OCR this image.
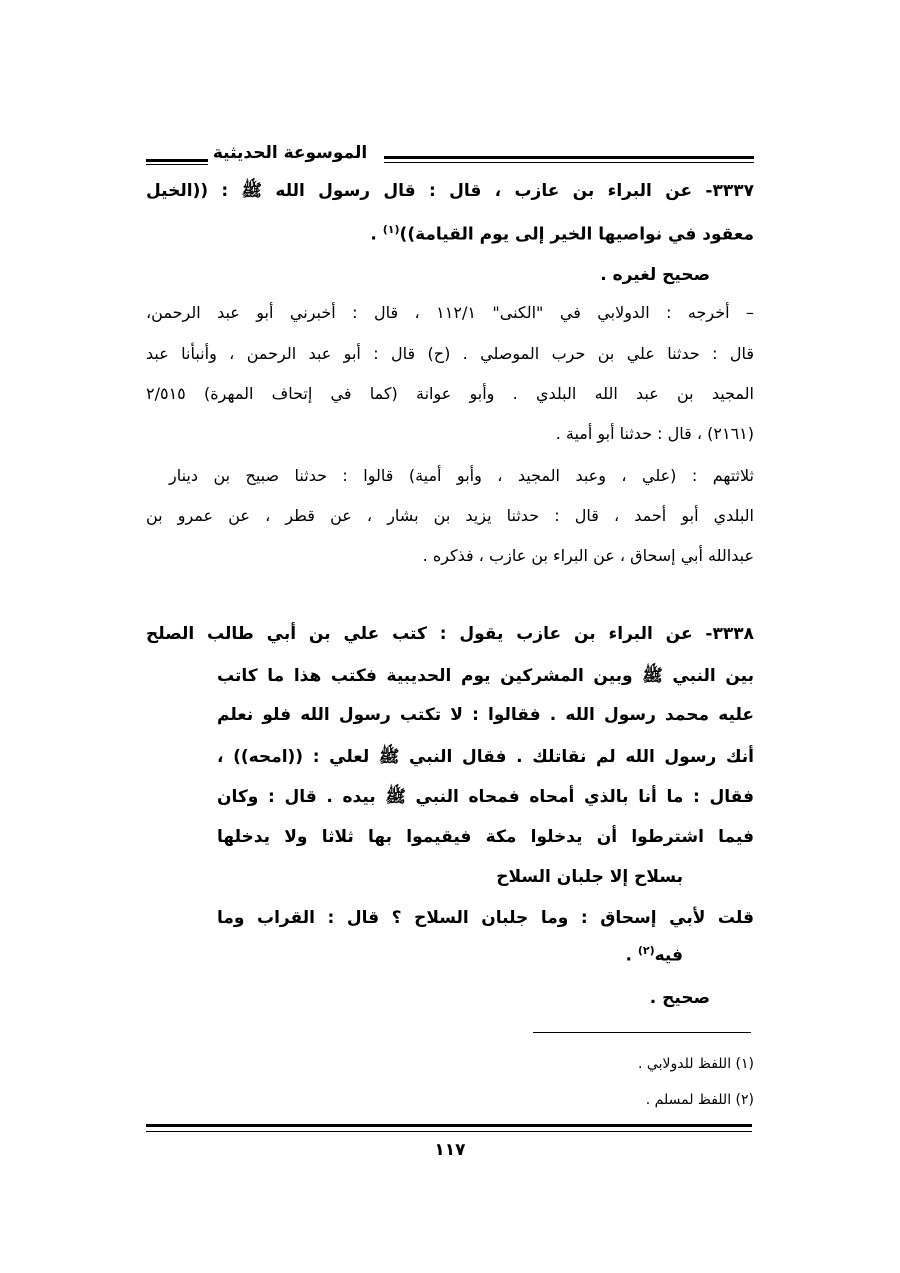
الموسوعة الحديثية
٣٣٣٧- عن البراء بن عازب ، قال : قال رسول الله ﷺ : ((الخيل
معقود في نواصيها الخير إلى يوم القيامة))$^{(١)}$ .
صحيح لغيره .
– أخرجه : الدولابي في "الكنى" ١١٢/١ ، قال : أخبرني أبو عبد الرحمن،
قال : حدثنا علي بن حرب الموصلي . (ح) قال : أبو عبد الرحمن ، وأنبأنا عبد
المجيد بن عبد الله البلدي . وأبو عوانة (كما في إتحاف المهرة) ٢/٥١٥
(٢١٦١) ، قال : حدثنا أبو أمية .
ثلاثتهم : (علي ، وعبد المجيد ، وأبو أمية) قالوا : حدثنا صبيح بن دينار
البلدي أبو أحمد ، قال : حدثنا يزيد بن بشار ، عن قطر ، عن عمرو بن
عبدالله أبي إسحاق ، عن البراء بن عازب ، فذكره .
٣٣٣٨- عن البراء بن عازب يقول : كتب علي بن أبي طالب الصلح
بين النبي ﷺ وبين المشركين يوم الحديبية فكتب هذا ما كاتب
عليه محمد رسول الله . فقالوا : لا تكتب رسول الله فلو نعلم
أنك رسول الله لم نقاتلك . فقال النبي ﷺ لعلي : ((امحه)) ،
فقال : ما أنا بالذي أمحاه فمحاه النبي ﷺ بيده . قال : وكان
فيما اشترطوا أن يدخلوا مكة فيقيموا بها ثلاثا ولا يدخلها
بسلاح إلا جلبان السلاح
قلت لأبي إسحاق : وما جلبان السلاح ؟ قال : القراب وما
فيه$^{(٢)}$ .
صحيح .
(١) اللفظ للدولابي .
(٢) اللفظ لمسلم .
١١٧
